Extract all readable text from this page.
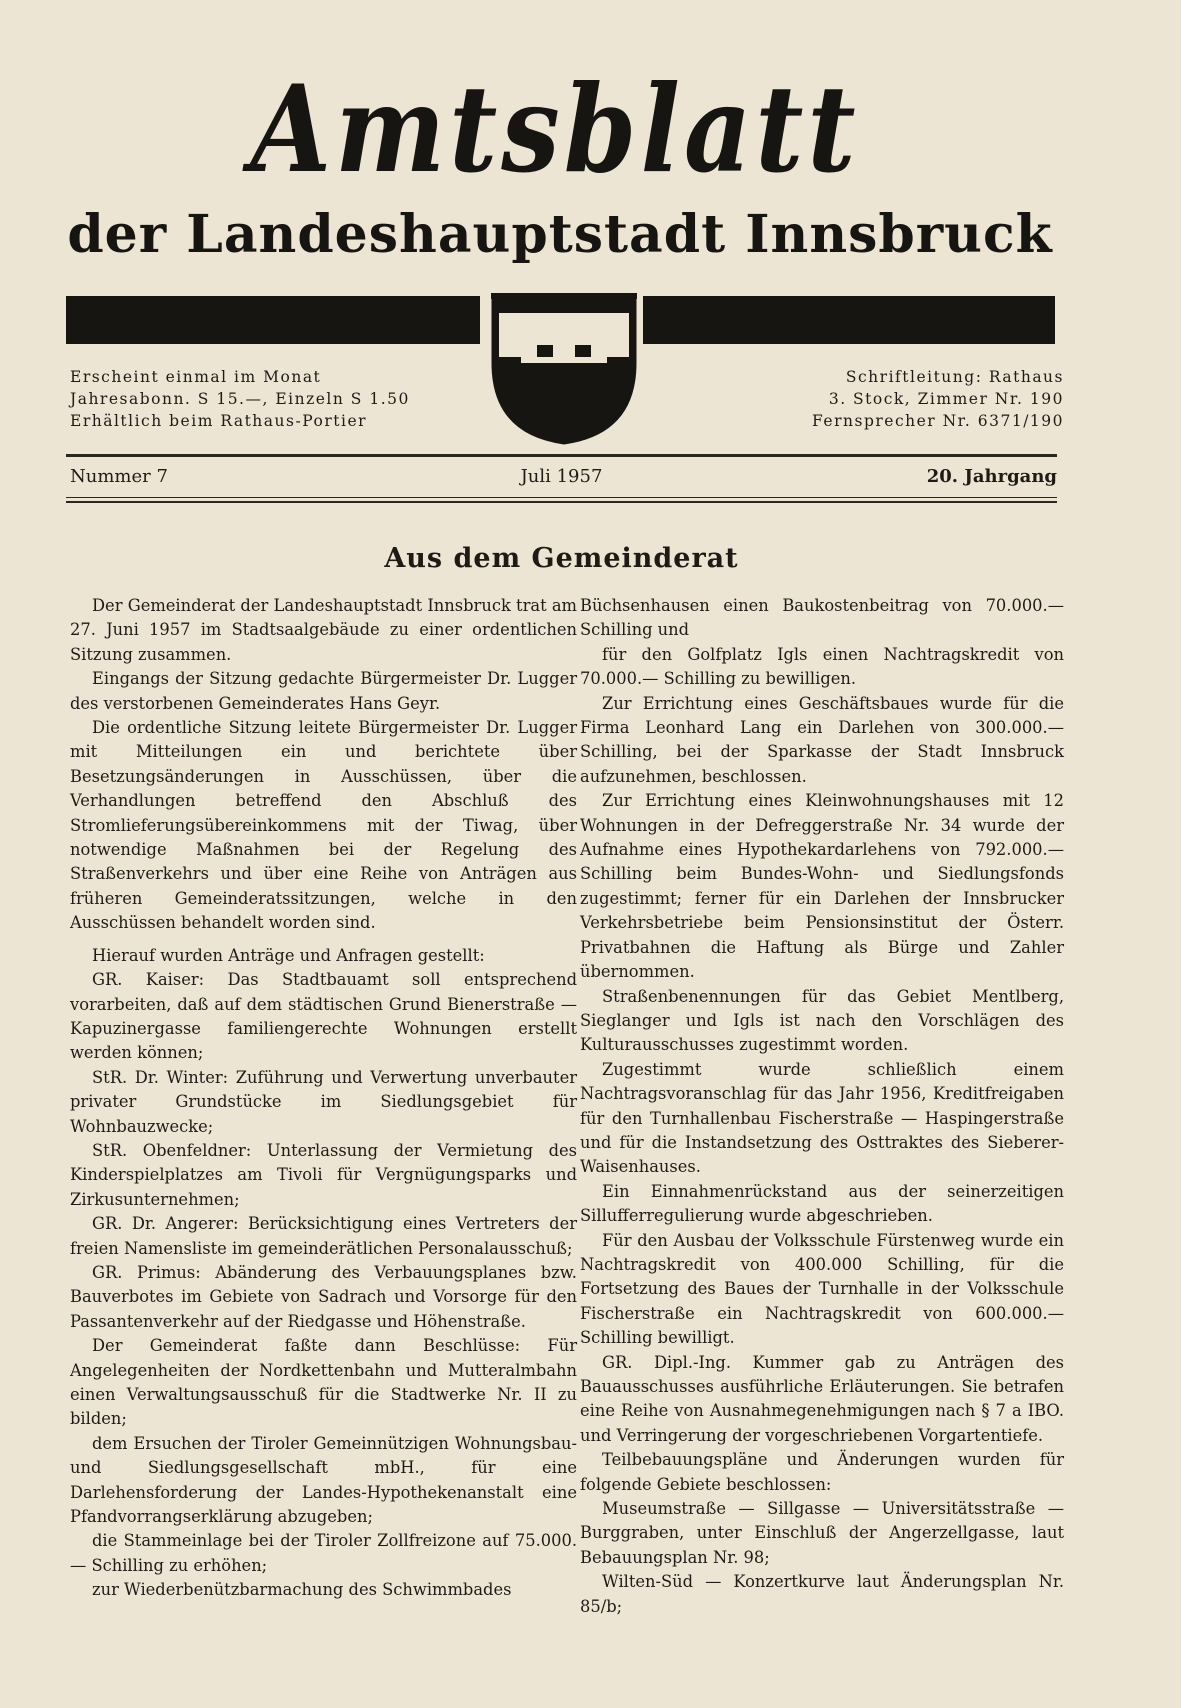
Amtsblatt
der Landeshauptstadt Innsbruck
Erscheint einmal im Monat
Jahresabonn. S 15.—, Einzeln S 1.50
Erhältlich beim Rathaus-Portier
Schriftleitung: Rathaus
3. Stock, Zimmer Nr. 190
Fernsprecher Nr. 6371/190
Nummer 7	Juli 1957	20. Jahrgang
Aus dem Gemeinderat

Der Gemeinderat der Landeshauptstadt Innsbruck trat am 27. Juni 1957 im Stadtsaalgebäude zu einer ordentlichen Sitzung zusammen.

Eingangs der Sitzung gedachte Bürgermeister Dr. Lugger des verstorbenen Gemeinderates Hans Geyr.

Die ordentliche Sitzung leitete Bürgermeister Dr. Lugger mit Mitteilungen ein und berichtete über Besetzungsänderungen in Ausschüssen, über die Verhandlungen betreffend den Abschluß des Stromlieferungsübereinkommens mit der Tiwag, über notwendige Maßnahmen bei der Regelung des Straßenverkehrs und über eine Reihe von Anträgen aus früheren Gemeinderatssitzungen, welche in den Ausschüssen behandelt worden sind.

Hierauf wurden Anträge und Anfragen gestellt:

GR. Kaiser: Das Stadtbauamt soll entsprechend vorarbeiten, daß auf dem städtischen Grund Bienerstraße — Kapuzinergasse familiengerechte Wohnungen erstellt werden können;

StR. Dr. Winter: Zuführung und Verwertung unverbauter privater Grundstücke im Siedlungsgebiet für Wohnbauzwecke;

StR. Obenfeldner: Unterlassung der Vermietung des Kinderspielplatzes am Tivoli für Vergnügungsparks und Zirkusunternehmen;

GR. Dr. Angerer: Berücksichtigung eines Vertreters der freien Namensliste im gemeinderätlichen Personalausschuß;

GR. Primus: Abänderung des Verbauungsplanes bzw. Bauverbotes im Gebiete von Sadrach und Vorsorge für den Passantenverkehr auf der Riedgasse und Höhenstraße.

Der Gemeinderat faßte dann Beschlüsse: Für Angelegenheiten der Nordkettenbahn und Mutteralmbahn einen Verwaltungsausschuß für die Stadtwerke Nr. II zu bilden;

dem Ersuchen der Tiroler Gemeinnützigen Wohnungsbau- und Siedlungsgesellschaft mbH., für eine Darlehensforderung der Landes-Hypothekenanstalt eine Pfandvorrangserklärung abzugeben;

die Stammeinlage bei der Tiroler Zollfreizone auf 75.000.— Schilling zu erhöhen;

zur Wiederbenützbarmachung des Schwimmbades

Büchsenhausen einen Baukostenbeitrag von 70.000.— Schilling und

für den Golfplatz Igls einen Nachtragskredit von 70.000.— Schilling zu bewilligen.

Zur Errichtung eines Geschäftsbaues wurde für die Firma Leonhard Lang ein Darlehen von 300.000.— Schilling, bei der Sparkasse der Stadt Innsbruck aufzunehmen, beschlossen.

Zur Errichtung eines Kleinwohnungshauses mit 12 Wohnungen in der Defreggerstraße Nr. 34 wurde der Aufnahme eines Hypothekardarlehens von 792.000.— Schilling beim Bundes-Wohn- und Siedlungsfonds zugestimmt; ferner für ein Darlehen der Innsbrucker Verkehrsbetriebe beim Pensionsinstitut der Österr. Privatbahnen die Haftung als Bürge und Zahler übernommen.

Straßenbenennungen für das Gebiet Mentlberg, Sieglanger und Igls ist nach den Vorschlägen des Kulturausschusses zugestimmt worden.

Zugestimmt wurde schließlich einem Nachtragsvoranschlag für das Jahr 1956, Kreditfreigaben für den Turnhallenbau Fischerstraße — Haspingerstraße und für die Instandsetzung des Osttraktes des Sieberer-Waisenhauses.

Ein Einnahmenrückstand aus der seinerzeitigen Sillufferregulierung wurde abgeschrieben.

Für den Ausbau der Volksschule Fürstenweg wurde ein Nachtragskredit von 400.000 Schilling, für die Fortsetzung des Baues der Turnhalle in der Volksschule Fischerstraße ein Nachtragskredit von 600.000.— Schilling bewilligt.

GR. Dipl.-Ing. Kummer gab zu Anträgen des Bauausschusses ausführliche Erläuterungen. Sie betrafen eine Reihe von Ausnahmegenehmigungen nach § 7 a IBO. und Verringerung der vorgeschriebenen Vorgartentiefe.

Teilbebauungspläne und Änderungen wurden für folgende Gebiete beschlossen:

Museumstraße — Sillgasse — Universitätsstraße — Burggraben, unter Einschluß der Angerzellgasse, laut Bebauungsplan Nr. 98;

Wilten-Süd — Konzertkurve laut Änderungsplan Nr. 85/b;
